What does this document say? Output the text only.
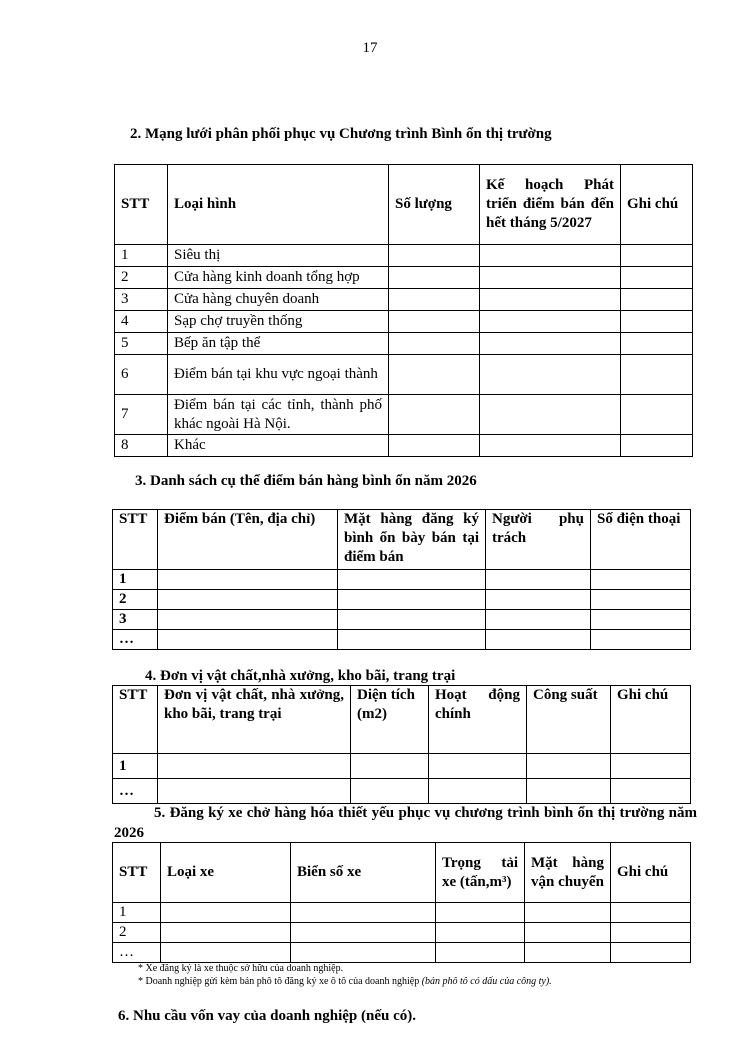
17
2. Mạng lưới phân phối phục vụ Chương trình Bình ổn thị trường
STT	Loại hình	Số lượng	Kế hoạch Phát triển điểm bán đến hết tháng 5/2027	Ghi chú
1	Siêu thị			
2	Cửa hàng kinh doanh tổng hợp			
3	Cửa hàng chuyên doanh			
4	Sạp chợ truyền thống			
5	Bếp ăn tập thể			
6	Điểm bán tại khu vực ngoại thành			
7	Điểm bán tại các tỉnh, thành phố khác ngoài Hà Nội.			
8	Khác			
3. Danh sách cụ thể điểm bán hàng bình ổn năm 2026
STT	Điểm bán (Tên, địa chỉ)	Mặt hàng đăng ký bình ổn bày bán tại điểm bán	Người phụ trách	Số điện thoại
1				
2				
3				
…				
4. Đơn vị vật chất,nhà xưởng, kho bãi, trang trại
STT	Đơn vị vật chất, nhà xưởng, kho bãi, trang trại	Diện tích (m2)	Hoạt động chính	Công suất	Ghi chú
1					
…					
5. Đăng ký xe chở hàng hóa thiết yếu phục vụ chương trình bình ổn thị trường năm 2026
STT	Loại xe	Biển số xe	Trọng tải xe (tấn,m³)	Mặt hàng vận chuyển	Ghi chú
1					
2					
…					
* Xe đăng ký là xe thuộc sở hữu của doanh nghiệp.
* Doanh nghiệp gửi kèm bản phô tô đăng ký xe ô tô của doanh nghiệp (bản phô tô có dấu của công ty).
6. Nhu cầu vốn vay của doanh nghiệp (nếu có).
